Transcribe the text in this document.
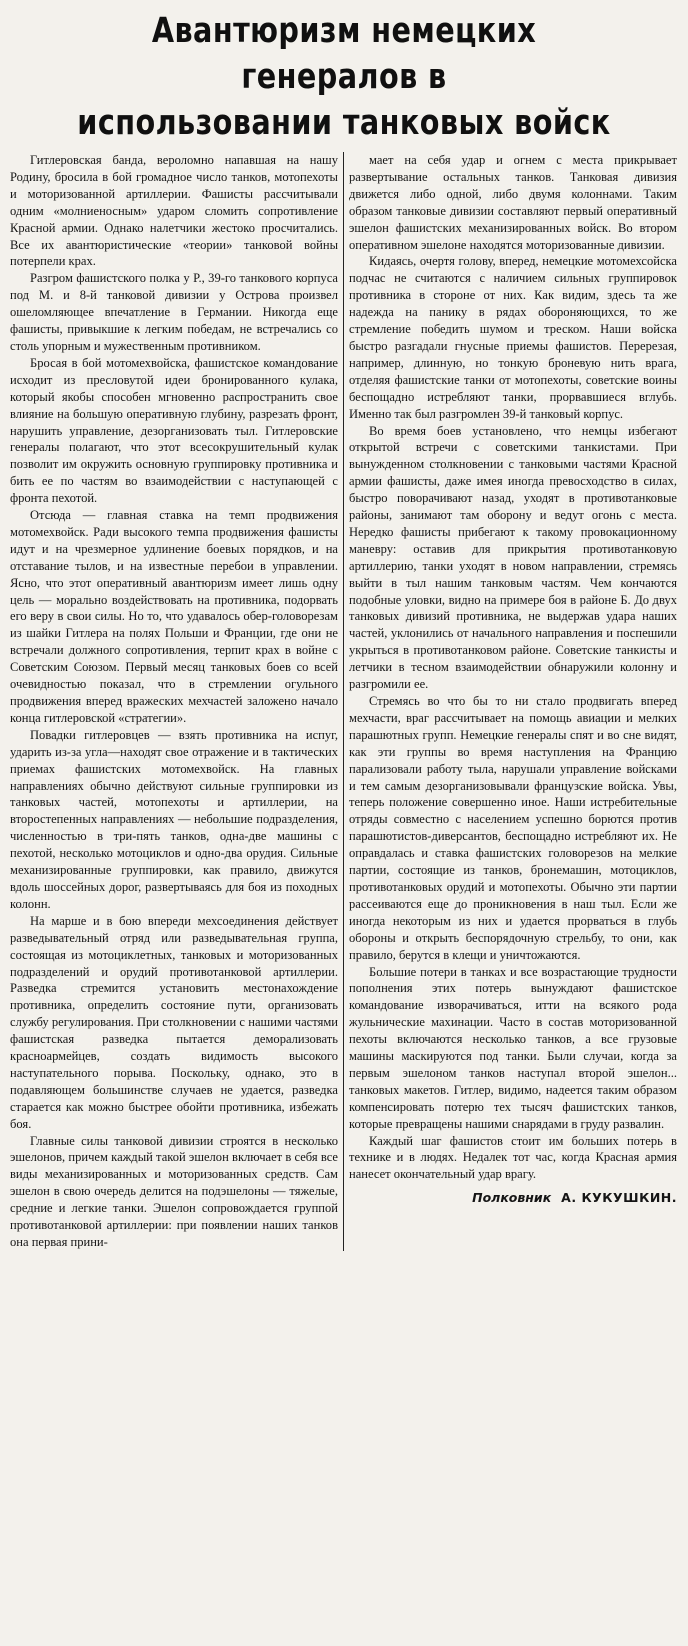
Авантюризм немецких генералов в
использовании танковых войск

Гитлеровская банда, вероломно напавшая на нашу Родину, бросила в бой громадное число танков, мотопехоты и моторизованной артиллерии. Фашисты рассчитывали одним «молниеносным» ударом сломить сопротивление Красной армии. Однако налетчики жестоко просчитались. Все их авантюристические «теории» танковой войны потерпели крах.

Разгром фашистского полка у Р., 39-го танкового корпуса под М. и 8-й танковой дивизии у Острова произвел ошеломляющее впечатление в Германии. Никогда еще фашисты, привыкшие к легким победам, не встречались со столь упорным и мужественным противником.

Бросая в бой мотомехвойска, фашистское командование исходит из пресловутой идеи бронированного кулака, который якобы способен мгновенно распространить свое влияние на большую оперативную глубину, разрезать фронт, нарушить управление, дезорганизовать тыл. Гитлеровские генералы полагают, что этот всесокрушительный кулак позволит им окружить основную группировку противника и бить ее по частям во взаимодействии с наступающей с фронта пехотой.

Отсюда — главная ставка на темп продвижения мотомехвойск. Ради высокого темпа продвижения фашисты идут и на чрезмерное удлинение боевых порядков, и на отставание тылов, и на известные перебои в управлении. Ясно, что этот оперативный авантюризм имеет лишь одну цель — морально воздействовать на противника, подорвать его веру в свои силы. Но то, что удавалось обер-головорезам из шайки Гитлера на полях Польши и Франции, где они не встречали должного сопротивления, терпит крах в войне с Советским Союзом. Первый месяц танковых боев со всей очевидностью показал, что в стремлении огульного продвижения вперед вражеских мехчастей заложено начало конца гитлеровской «стратегии».

Повадки гитлеровцев — взять противника на испуг, ударить из-за угла—находят свое отражение и в тактических приемах фашистских мотомехвойск. На главных направлениях обычно действуют сильные группировки из танковых частей, мотопехоты и артиллерии, на второстепенных направлениях — небольшие подразделения, численностью в три-пять танков, одна-две машины с пехотой, несколько мотоциклов и одно-два орудия. Сильные механизированные группировки, как правило, движутся вдоль шоссейных дорог, развертываясь для боя из походных колонн.

На марше и в бою впереди мехсоединения действует разведывательный отряд или разведывательная группа, состоящая из мотоциклетных, танковых и моторизованных подразделений и орудий противотанковой артиллерии. Разведка стремится установить местонахождение противника, определить состояние пути, организовать службу регулирования. При столкновении с нашими частями фашистская разведка пытается деморализовать красноармейцев, создать видимость высокого наступательного порыва. Поскольку, однако, это в подавляющем большинстве случаев не удается, разведка старается как можно быстрее обойти противника, избежать боя.

Главные силы танковой дивизии строятся в несколько эшелонов, причем каждый такой эшелон включает в себя все виды механизированных и моторизованных средств. Сам эшелон в свою очередь делится на подэшелоны — тяжелые, средние и легкие танки. Эшелон сопровождается группой противотанковой артиллерии: при появлении наших танков она первая прини-

мает на себя удар и огнем с места прикрывает развертывание остальных танков. Танковая дивизия движется либо одной, либо двумя колоннами. Таким образом танковые дивизии составляют первый оперативный эшелон фашистских механизированных войск. Во втором оперативном эшелоне находятся моторизованные дивизии.

Кидаясь, очертя голову, вперед, немецкие мотомехсойска подчас не считаются с наличием сильных группировок противника в стороне от них. Как видим, здесь та же надежда на панику в рядах обороняющихся, то же стремление победить шумом и треском. Наши войска быстро разгадали гнусные приемы фашистов. Перерезая, например, длинную, но тонкую броневую нить врага, отделяя фашистские танки от мотопехоты, советские воины беспощадно истребляют танки, прорвавшиеся вглубь. Именно так был разгромлен 39-й танковый корпус.

Во время боев установлено, что немцы избегают открытой встречи с советскими танкистами. При вынужденном столкновении с танковыми частями Красной армии фашисты, даже имея иногда превосходство в силах, быстро поворачивают назад, уходят в противотанковые районы, занимают там оборону и ведут огонь с места. Нередко фашисты прибегают к такому провокационному маневру: оставив для прикрытия противотанковую артиллерию, танки уходят в новом направлении, стремясь выйти в тыл нашим танковым частям. Чем кончаются подобные уловки, видно на примере боя в районе Б. До двух танковых дивизий противника, не выдержав удара наших частей, уклонились от начального направления и поспешили укрыться в противотанковом районе. Советские танкисты и летчики в тесном взаимодействии обнаружили колонну и разгромили ее.

Стремясь во что бы то ни стало продвигать вперед мехчасти, враг рассчитывает на помощь авиации и мелких парашютных групп. Немецкие генералы спят и во сне видят, как эти группы во время наступления на Францию парализовали работу тыла, нарушали управление войсками и тем самым дезорганизовывали французские войска. Увы, теперь положение совершенно иное. Наши истребительные отряды совместно с населением успешно борются против парашютистов-диверсантов, беспощадно истребляют их. Не оправдалась и ставка фашистских головорезов на мелкие партии, состоящие из танков, бронемашин, мотоциклов, противотанковых орудий и мотопехоты. Обычно эти партии рассеиваются еще до проникновения в наш тыл. Если же иногда некоторым из них и удается прорваться в глубь обороны и открыть беспорядочную стрельбу, то они, как правило, берутся в клещи и уничтожаются.

Большие потери в танках и все возрастающие трудности пополнения этих потерь вынуждают фашистское командование изворачиваться, итти на всякого рода жульнические махинации. Часто в состав моторизованной пехоты включаются несколько танков, а все грузовые машины маскируются под танки. Были случаи, когда за первым эшелоном танков наступал второй эшелон... танковых макетов. Гитлер, видимо, надеется таким образом компенсировать потерю тех тысяч фашистских танков, которые превращены нашими снарядами в груду развалин.

Каждый шаг фашистов стоит им больших потерь в технике и в людях. Недалек тот час, когда Красная армия нанесет окончательный удар врагу.

Полковник А. КУКУШКИН.
